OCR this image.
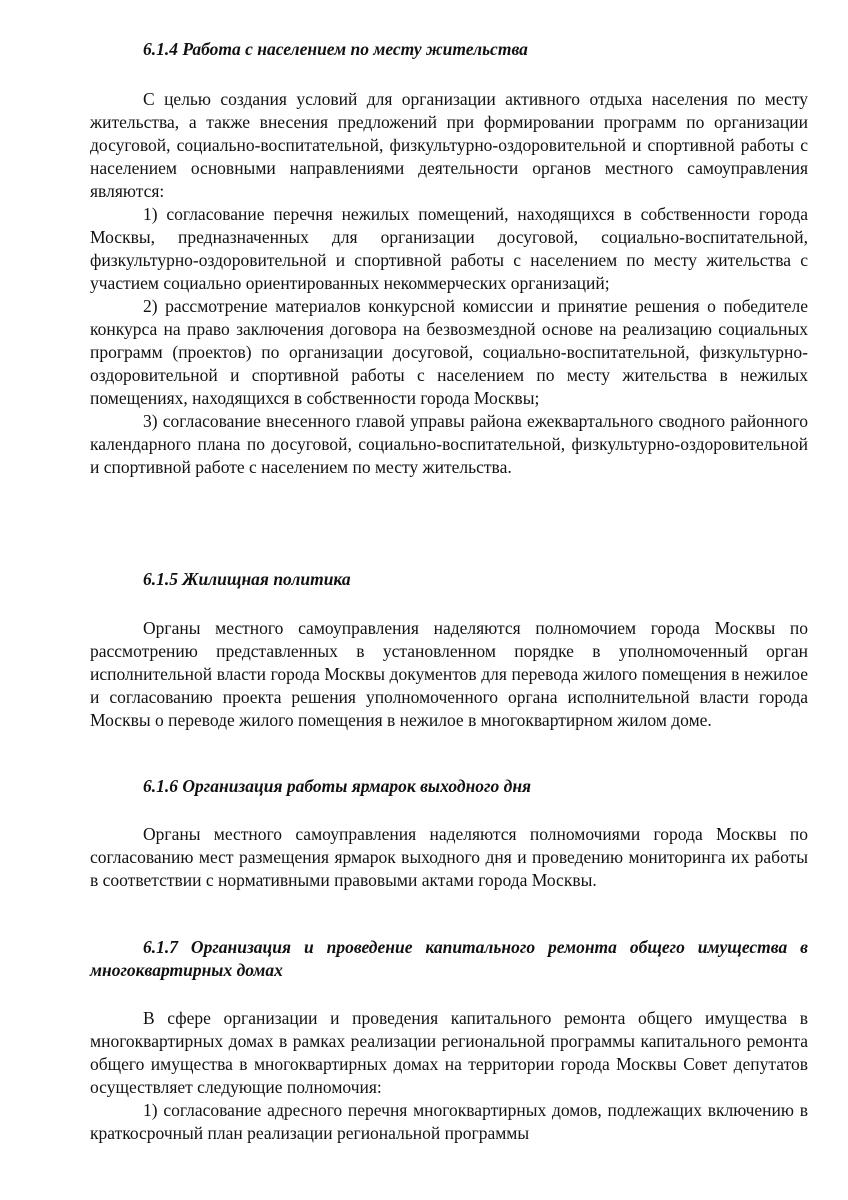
6.1.4 Работа с населением по месту жительства

С целью создания условий для организации активного отдыха населения по месту жительства, а также внесения предложений при формировании программ по организации досуговой, социально-воспитательной, физкультурно-оздоровительной и спортивной работы с населением основными направлениями деятельности органов местного самоуправления являются:

1) согласование перечня нежилых помещений, находящихся в собственности города Москвы, предназначенных для организации досуговой, социально-воспитательной, физкультурно-оздоровительной и спортивной работы с населением по месту жительства с участием социально ориентированных некоммерческих организаций;

2) рассмотрение материалов конкурсной комиссии и принятие решения о победителе конкурса на право заключения договора на безвозмездной основе на реализацию социальных программ (проектов) по организации досуговой, социально-воспитательной, физкультурно-оздоровительной и спортивной работы с населением по месту жительства в нежилых помещениях, находящихся в собственности города Москвы;

3) согласование внесенного главой управы района ежеквартального сводного районного календарного плана по досуговой, социально-воспитательной, физкультурно-оздоровительной и спортивной работе с населением по месту жительства.

6.1.5 Жилищная политика

Органы местного самоуправления наделяются полномочием города Москвы по рассмотрению представленных в установленном порядке в уполномоченный орган исполнительной власти города Москвы документов для перевода жилого помещения в нежилое и согласованию проекта решения уполномоченного органа исполнительной власти города Москвы о переводе жилого помещения в нежилое в многоквартирном жилом доме.

6.1.6 Организация работы ярмарок выходного дня

Органы местного самоуправления наделяются полномочиями города Москвы по согласованию мест размещения ярмарок выходного дня и проведению мониторинга их работы в соответствии с нормативными правовыми актами города Москвы.

6.1.7 Организация и проведение капитального ремонта общего имущества в многоквартирных домах

В сфере организации и проведения капитального ремонта общего имущества в многоквартирных домах в рамках реализации региональной программы капитального ремонта общего имущества в многоквартирных домах на территории города Москвы Совет депутатов осуществляет следующие полномочия:

1) согласование адресного перечня многоквартирных домов, подлежащих включению в краткосрочный план реализации региональной программы
